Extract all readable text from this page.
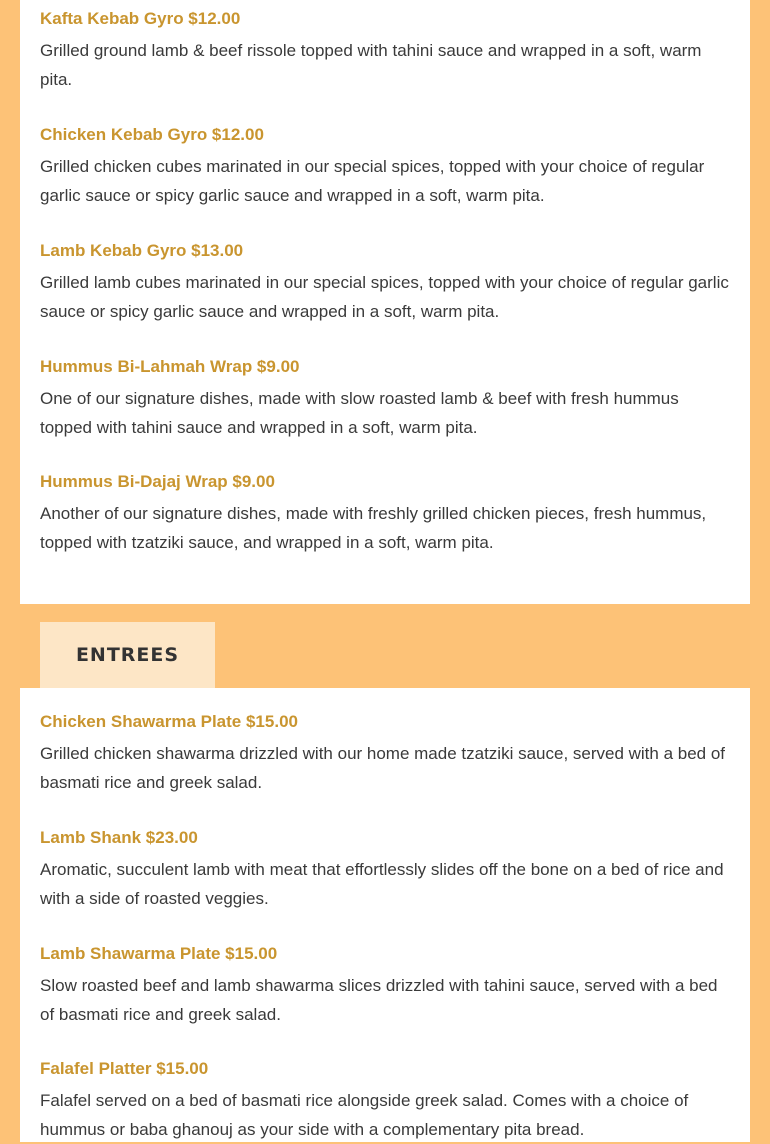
Kafta Kebab Gyro $12.00

Grilled ground lamb & beef rissole topped with tahini sauce and wrapped in a soft, warm pita.

Chicken Kebab Gyro $12.00

Grilled chicken cubes marinated in our special spices, topped with your choice of regular garlic sauce or spicy garlic sauce and wrapped in a soft, warm pita.

Lamb Kebab Gyro $13.00

Grilled lamb cubes marinated in our special spices, topped with your choice of regular garlic sauce or spicy garlic sauce and wrapped in a soft, warm pita.

Hummus Bi-Lahmah Wrap $9.00

One of our signature dishes, made with slow roasted lamb & beef with fresh hummus topped with tahini sauce and wrapped in a soft, warm pita.

Hummus Bi-Dajaj Wrap $9.00

Another of our signature dishes, made with freshly grilled chicken pieces, fresh hummus, topped with tzatziki sauce, and wrapped in a soft, warm pita.

ENTREES

Chicken Shawarma Plate $15.00

Grilled chicken shawarma drizzled with our home made tzatziki sauce, served with a bed of basmati rice and greek salad.

Lamb Shank $23.00

Aromatic, succulent lamb with meat that effortlessly slides off the bone on a bed of rice and with a side of roasted veggies.

Lamb Shawarma Plate $15.00

Slow roasted beef and lamb shawarma slices drizzled with tahini sauce, served with a bed of basmati rice and greek salad.

Falafel Platter $15.00

Falafel served on a bed of basmati rice alongside greek salad. Comes with a choice of hummus or baba ghanouj as your side with a complementary pita bread.
